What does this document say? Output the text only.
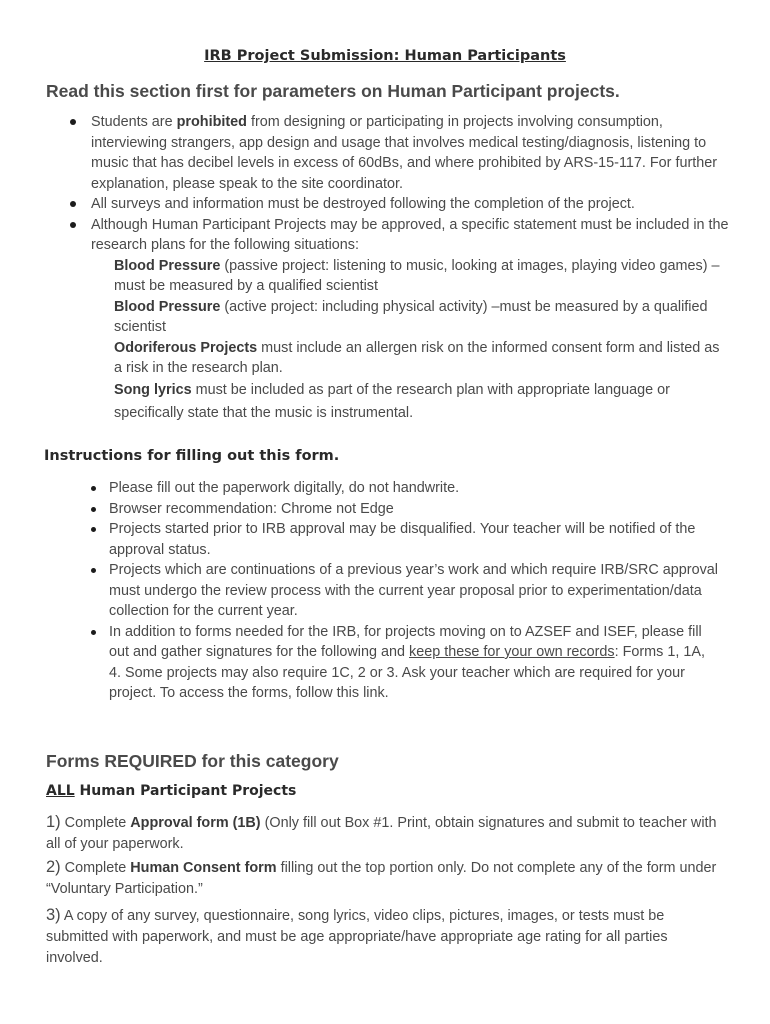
IRB Project Submission: Human Participants
Read this section first for parameters on Human Participant projects.
Students are prohibited from designing or participating in projects involving consumption, interviewing strangers, app design and usage that involves medical testing/diagnosis, listening to music that has decibel levels in excess of 60dBs, and where prohibited by ARS-15-117. For further explanation, please speak to the site coordinator.
All surveys and information must be destroyed following the completion of the project.
Although Human Participant Projects may be approved, a specific statement must be included in the research plans for the following situations:
Blood Pressure (passive project: listening to music, looking at images, playing video games) –must be measured by a qualified scientist
Blood Pressure (active project: including physical activity) –must be measured by a qualified scientist
Odoriferous Projects must include an allergen risk on the informed consent form and listed as a risk in the research plan.
Song lyrics must be included as part of the research plan with appropriate language or specifically state that the music is instrumental.
Instructions for filling out this form.
Please fill out the paperwork digitally, do not handwrite.
Browser recommendation: Chrome not Edge
Projects started prior to IRB approval may be disqualified. Your teacher will be notified of the approval status.
Projects which are continuations of a previous year’s work and which require IRB/SRC approval must undergo the review process with the current year proposal prior to experimentation/data collection for the current year.
In addition to forms needed for the IRB, for projects moving on to AZSEF and ISEF, please fill out and gather signatures for the following and keep these for your own records: Forms 1, 1A, 4. Some projects may also require 1C, 2 or 3. Ask your teacher which are required for your project. To access the forms, follow this link.
Forms REQUIRED for this category
ALL Human Participant Projects
1) Complete Approval form (1B) (Only fill out Box #1. Print, obtain signatures and submit to teacher with all of your paperwork.
2) Complete Human Consent form filling out the top portion only. Do not complete any of the form under “Voluntary Participation.”
3) A copy of any survey, questionnaire, song lyrics, video clips, pictures, images, or tests must be submitted with paperwork, and must be age appropriate/have appropriate age rating for all parties involved.
